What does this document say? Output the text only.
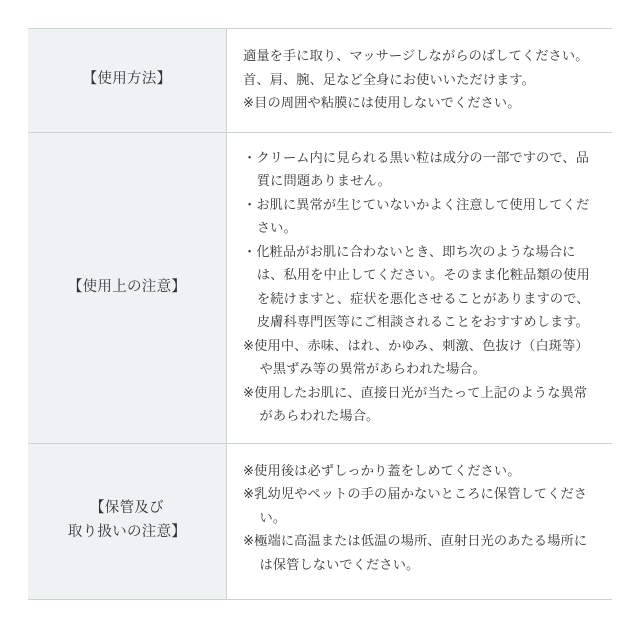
【使用方法】	適量を手に取り、マッサージしながらのばしてください。
首、肩、腕、足など全身にお使いいただけます。
※目の周囲や粘膜には使用しないでください。

【使用上の注意】	・クリーム内に見られる黒い粒は成分の一部ですので、品質に問題ありません。
・お肌に異常が生じていないかよく注意して使用してください。
・化粧品がお肌に合わないとき、即ち次のような場合には、私用を中止してください。そのまま化粧品類の使用を続けますと、症状を悪化させることがありますので、皮膚科専門医等にご相談されることをおすすめします。
※使用中、赤味、はれ、かゆみ、刺激、色抜け（白斑等）や黒ずみ等の異常があらわれた場合。
※使用したお肌に、直接日光が当たって上記のような異常があらわれた場合。

【保管及び
取り扱いの注意】	※使用後は必ずしっかり蓋をしめてください。
※乳幼児やペットの手の届かないところに保管してください。
※極端に高温または低温の場所、直射日光のあたる場所には保管しないでください。
